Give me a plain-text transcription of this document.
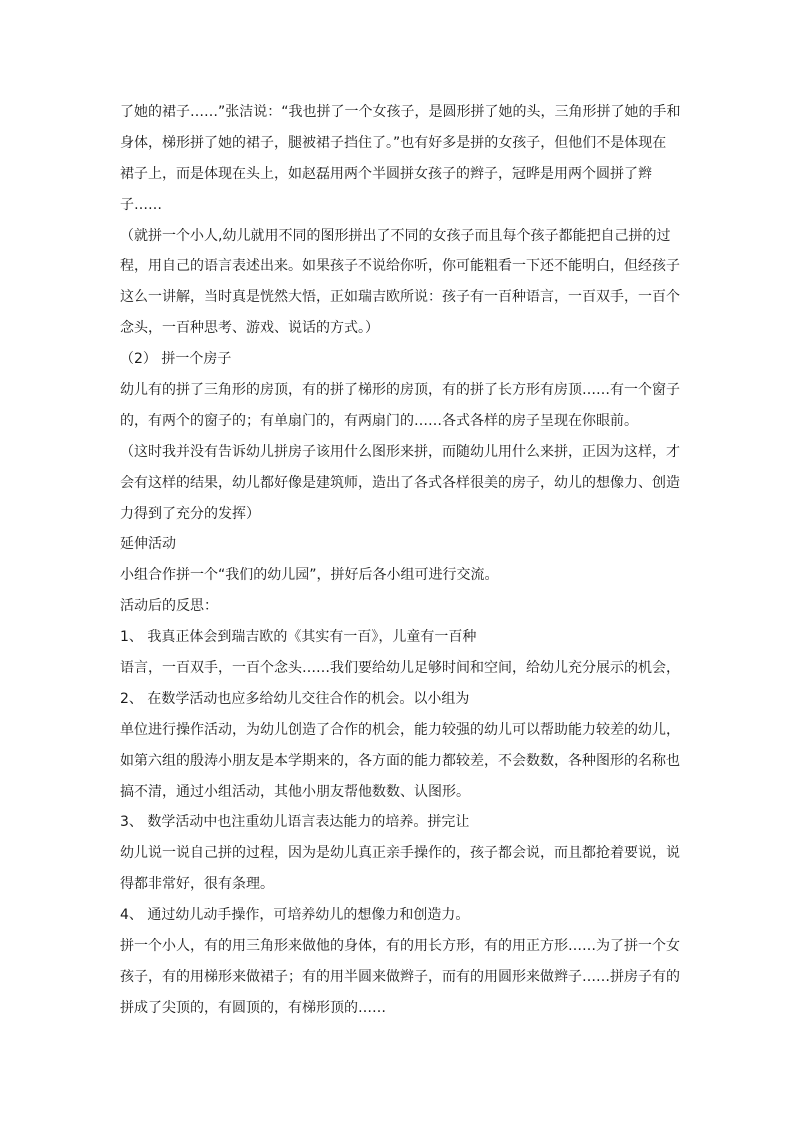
了她的裙子……”张洁说：“我也拼了一个女孩子，是圆形拼了她的头，三角形拼了她的手和
身体，梯形拼了她的裙子，腿被裙子挡住了。”也有好多是拼的女孩子，但他们不是体现在
裙子上，而是体现在头上，如赵磊用两个半圆拼女孩子的辫子，冠晔是用两个圆拼了辫
子……
（就拼一个小人,幼儿就用不同的图形拼出了不同的女孩子而且每个孩子都能把自己拼的过
程，用自己的语言表述出来。如果孩子不说给你听，你可能粗看一下还不能明白，但经孩子
这么一讲解，当时真是恍然大悟，正如瑞吉欧所说：孩子有一百种语言，一百双手，一百个
念头，一百种思考、游戏、说话的方式。）
（2） 拼一个房子
幼儿有的拼了三角形的房顶，有的拼了梯形的房顶，有的拼了长方形有房顶……有一个窗子
的，有两个的窗子的；有单扇门的，有两扇门的……各式各样的房子呈现在你眼前。
（这时我并没有告诉幼儿拼房子该用什么图形来拼，而随幼儿用什么来拼，正因为这样，才
会有这样的结果，幼儿都好像是建筑师，造出了各式各样很美的房子，幼儿的想像力、创造
力得到了充分的发挥）
延伸活动
小组合作拼一个“我们的幼儿园”，拼好后各小组可进行交流。
活动后的反思：
1、 我真正体会到瑞吉欧的《其实有一百》，儿童有一百种
语言，一百双手，一百个念头……我们要给幼儿足够时间和空间，给幼儿充分展示的机会，
2、 在数学活动也应多给幼儿交往合作的机会。以小组为
单位进行操作活动，为幼儿创造了合作的机会，能力较强的幼儿可以帮助能力较差的幼儿，
如第六组的殷涛小朋友是本学期来的，各方面的能力都较差，不会数数，各种图形的名称也
搞不清，通过小组活动，其他小朋友帮他数数、认图形。
3、 数学活动中也注重幼儿语言表达能力的培养。拼完让
幼儿说一说自己拼的过程，因为是幼儿真正亲手操作的，孩子都会说，而且都抢着要说，说
得都非常好，很有条理。
4、 通过幼儿动手操作，可培养幼儿的想像力和创造力。
拼一个小人，有的用三角形来做他的身体，有的用长方形，有的用正方形……为了拼一个女
孩子，有的用梯形来做裙子；有的用半圆来做辫子，而有的用圆形来做辫子……拼房子有的
拼成了尖顶的，有圆顶的，有梯形顶的……
